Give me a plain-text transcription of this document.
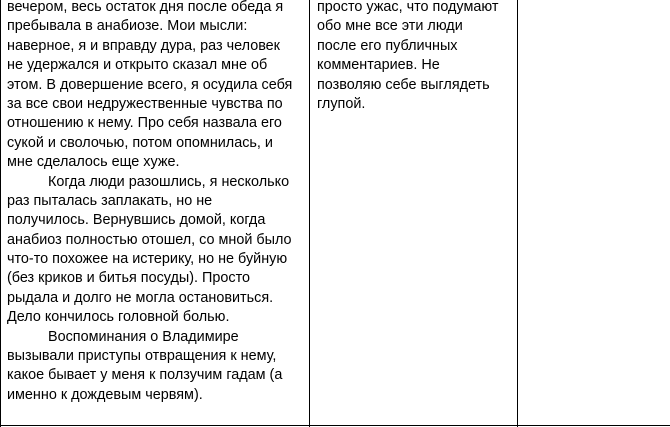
вечером, весь остаток дня после обеда я
пребывала в анабиозе. Мои мысли:
наверное, я и вправду дура, раз человек
не удержался и открыто сказал мне об
этом. В довершение всего, я осудила себя
за все свои недружественные чувства по
отношению к нему. Про себя назвала его
сукой и сволочью, потом опомнилась, и
мне сделалось еще хуже.
Когда люди разошлись, я несколько
раз пыталась заплакать, но не
получилось. Вернувшись домой, когда
анабиоз полностью отошел, со мной было
что-то похожее на истерику, но не буйную
(без криков и битья посуды). Просто
рыдала и долго не могла остановиться.
Дело кончилось головной болью.
Воспоминания о Владимире
вызывали приступы отвращения к нему,
какое бывает у меня к ползучим гадам (а
именно к дождевым червям).
просто ужас, что подумают
обо мне все эти люди
после его публичных
комментариев. Не
позволяю себе выглядеть
глупой.
